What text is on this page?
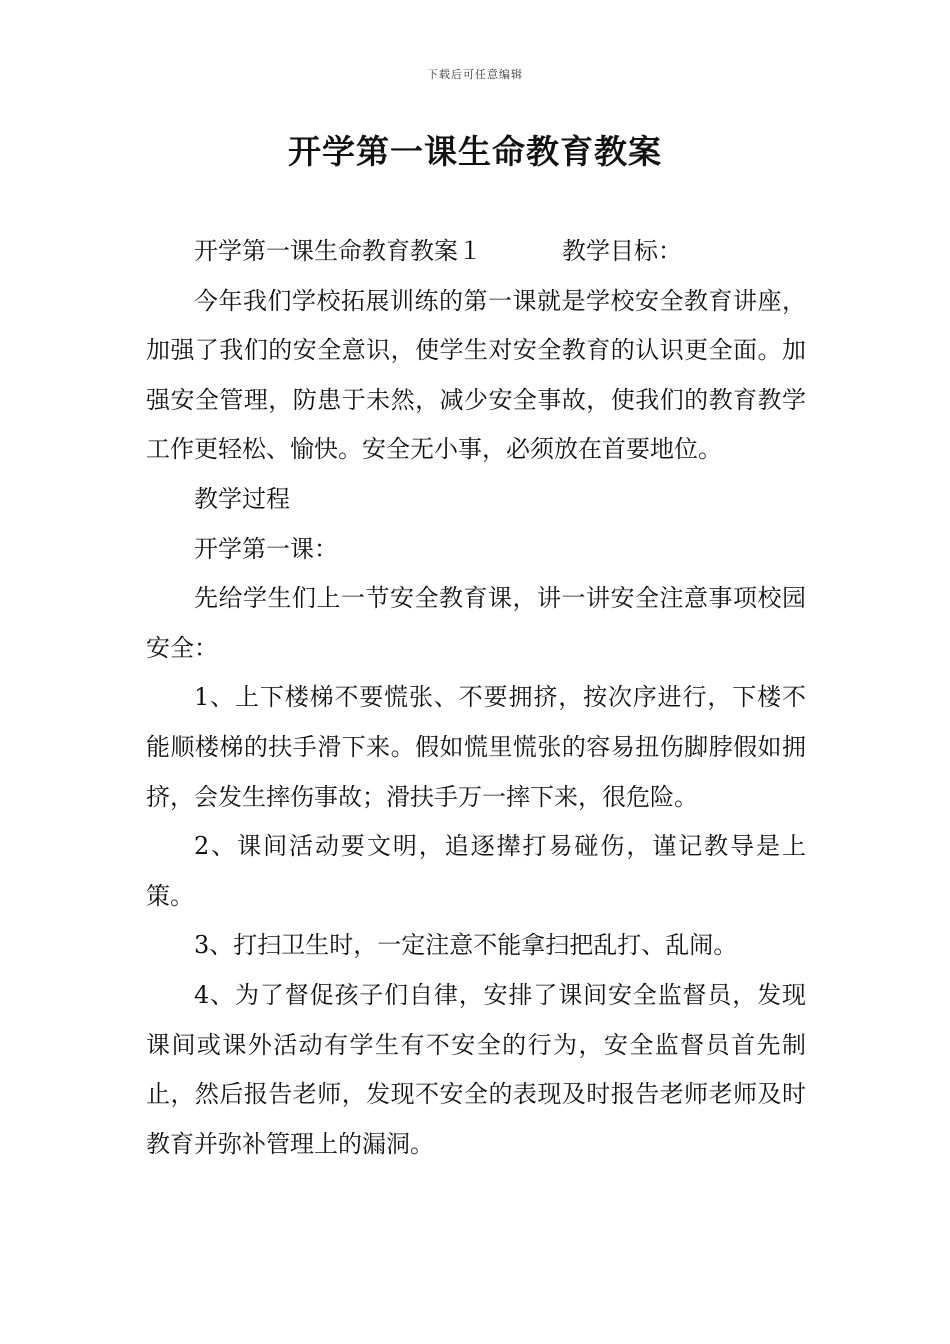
下载后可任意编辑
开学第一课生命教育教案

开学第一课生命教育教案１	教学目标：

今年我们学校拓展训练的第一课就是学校安全教育讲座，加强了我们的安全意识，使学生对安全教育的认识更全面。加强安全管理，防患于未然，减少安全事故，使我们的教育教学工作更轻松、愉快。安全无小事，必须放在首要地位。

教学过程

开学第一课：

先给学生们上一节安全教育课，讲一讲安全注意事项校园安全：

1、上下楼梯不要慌张、不要拥挤，按次序进行，下楼不能顺楼梯的扶手滑下来。假如慌里慌张的容易扭伤脚脖假如拥挤，会发生摔伤事故；滑扶手万一摔下来，很危险。

2、课间活动要文明，追逐撵打易碰伤，谨记教导是上策。

3、打扫卫生时，一定注意不能拿扫把乱打、乱闹。

4、为了督促孩子们自律，安排了课间安全监督员，发现课间或课外活动有学生有不安全的行为，安全监督员首先制止，然后报告老师，发现不安全的表现及时报告老师老师及时教育并弥补管理上的漏洞。
